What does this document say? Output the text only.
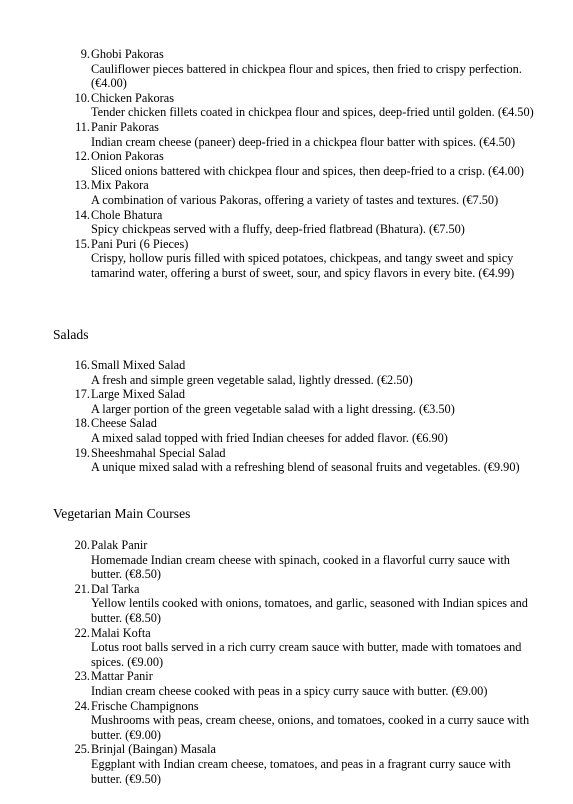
9. Ghobi Pakoras
Cauliflower pieces battered in chickpea flour and spices, then fried to crispy perfection. (€4.00)
10. Chicken Pakoras
Tender chicken fillets coated in chickpea flour and spices, deep-fried until golden. (€4.50)
11. Panir Pakoras
Indian cream cheese (paneer) deep-fried in a chickpea flour batter with spices. (€4.50)
12. Onion Pakoras
Sliced onions battered with chickpea flour and spices, then deep-fried to a crisp. (€4.00)
13. Mix Pakora
A combination of various Pakoras, offering a variety of tastes and textures. (€7.50)
14. Chole Bhatura
Spicy chickpeas served with a fluffy, deep-fried flatbread (Bhatura). (€7.50)
15. Pani Puri (6 Pieces)
Crispy, hollow puris filled with spiced potatoes, chickpeas, and tangy sweet and spicy tamarind water, offering a burst of sweet, sour, and spicy flavors in every bite. (€4.99)
Salads
16. Small Mixed Salad
A fresh and simple green vegetable salad, lightly dressed. (€2.50)
17. Large Mixed Salad
A larger portion of the green vegetable salad with a light dressing. (€3.50)
18. Cheese Salad
A mixed salad topped with fried Indian cheeses for added flavor. (€6.90)
19. Sheeshmahal Special Salad
A unique mixed salad with a refreshing blend of seasonal fruits and vegetables. (€9.90)
Vegetarian Main Courses
20. Palak Panir
Homemade Indian cream cheese with spinach, cooked in a flavorful curry sauce with butter. (€8.50)
21. Dal Tarka
Yellow lentils cooked with onions, tomatoes, and garlic, seasoned with Indian spices and butter. (€8.50)
22. Malai Kofta
Lotus root balls served in a rich curry cream sauce with butter, made with tomatoes and spices. (€9.00)
23. Mattar Panir
Indian cream cheese cooked with peas in a spicy curry sauce with butter. (€9.00)
24. Frische Champignons
Mushrooms with peas, cream cheese, onions, and tomatoes, cooked in a curry sauce with butter. (€9.00)
25. Brinjal (Baingan) Masala
Eggplant with Indian cream cheese, tomatoes, and peas in a fragrant curry sauce with butter. (€9.50)
